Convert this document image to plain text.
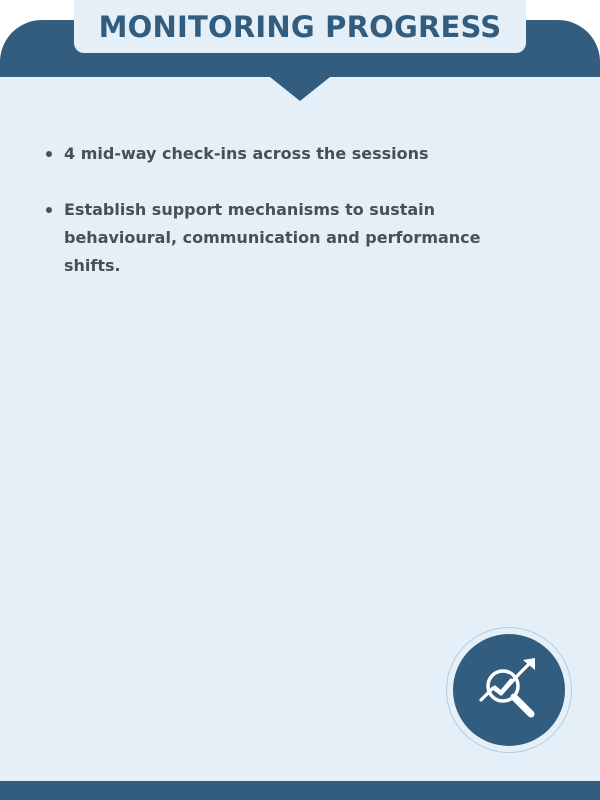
4 mid-way check-ins across the sessions
Establish support mechanisms to sustain behavioural, communication and performance shifts.
MONITORING PROGRESS
